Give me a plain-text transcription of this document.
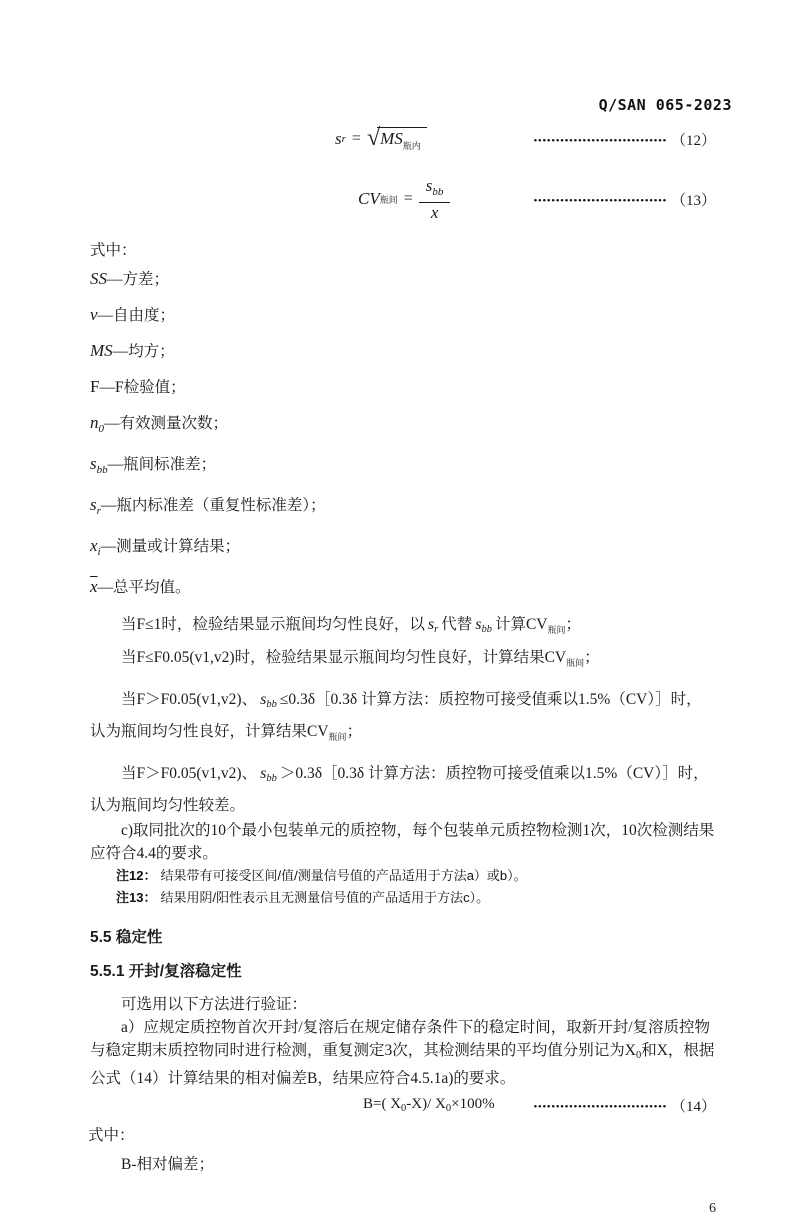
Q/SAN 065-2023
s r = √ $MS_{瓶内}$	•••••••••••••••••••••••••••••• （12）
CV 瓶间 = $\frac{s_{bb}}{x}$	•••••••••••••••••••••••••••••• （13）
式中：
SS—方差；
v—自由度；
MS—均方；
F—F检验值；
$n_0—$有效测量次数；
$s_{bb}—$瓶间标准差；
$s_r—$瓶内标准差（重复性标准差）；
$x_i—$测量或计算结果；
$\overline{x}—$总平均值。
当F≤1时，检验结果显示瓶间均匀性良好，以 sr 代替 sbb 计算$CV_{瓶间}$；
当F≤F0.05(v1,v2)时，检验结果显示瓶间均匀性良好，计算结果$CV_{瓶间}$；
当F＞F0.05(v1,v2)、 sbb ≤0.3δ［0.3δ 计算方法：质控物可接受值乘以1.5%（CV）］时，认为瓶间均匀性良好，计算结果$CV_{瓶间}$；
当F＞F0.05(v1,v2)、 sbb ＞0.3δ［0.3δ 计算方法：质控物可接受值乘以1.5%（CV）］时，认为瓶间均匀性较差。
c)取同批次的10个最小包装单元的质控物，每个包装单元质控物检测1次，10次检测结果应符合4.4的要求。
注12： 结果带有可接受区间/值/测量信号值的产品适用于方法a）或b）。
注13： 结果用阴/阳性表示且无测量信号值的产品适用于方法c）。
5.5 稳定性
5.5.1 开封/复溶稳定性
可选用以下方法进行验证：
a）应规定质控物首次开封/复溶后在规定储存条件下的稳定时间，取新开封/复溶质控物与稳定期末质控物同时进行检测，重复测定3次，其检测结果的平均值分别记为X0和X，根据公式（14）计算结果的相对偏差B，结果应符合4.5.1a)的要求。
B=( $X_0-X)/$ $X_0\times 100\%$	•••••••••••••••••••••••••••••• （14）
式中：
B-相对偏差；
6
